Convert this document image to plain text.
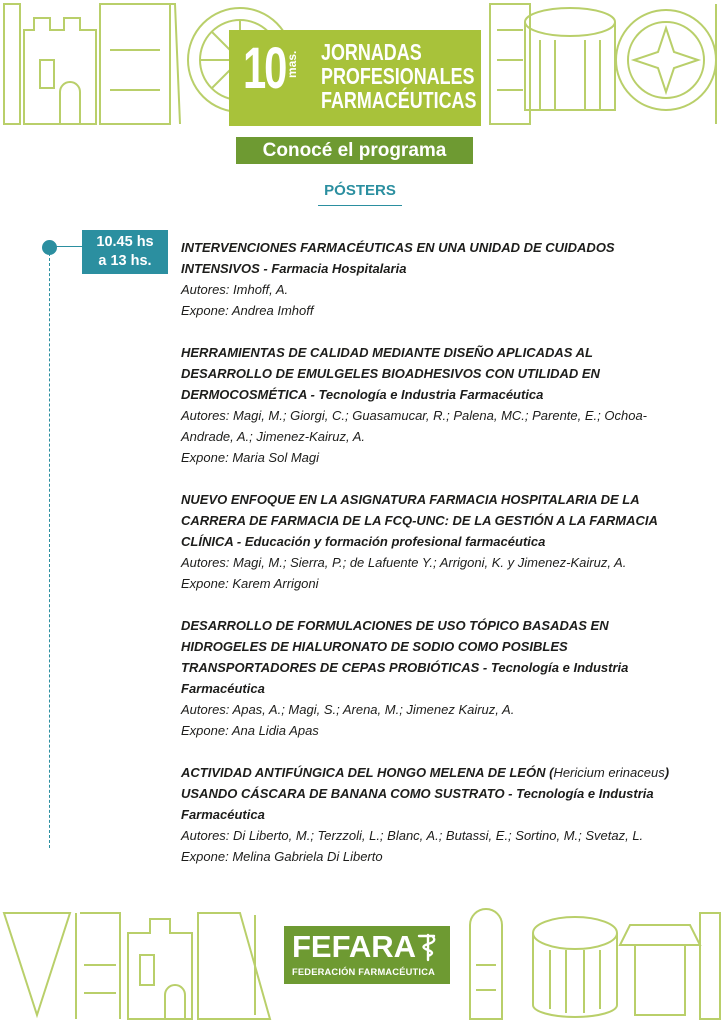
10 mas. JORNADAS
PROFESIONALES
FARMACÉUTICAS
Conocé el programa
PÓSTERS
10.45 hs
a 13 hs.
INTERVENCIONES FARMACÉUTICAS EN UNA UNIDAD DE CUIDADOS INTENSIVOS - Farmacia Hospitalaria
Autores: Imhoff, A.
Expone: Andrea Imhoff
HERRAMIENTAS DE CALIDAD MEDIANTE DISEÑO APLICADAS AL DESARROLLO DE EMULGELES BIOADHESIVOS CON UTILIDAD EN DERMOCOSMÉTICA - Tecnología e Industria Farmacéutica
Autores: Magi, M.; Giorgi, C.; Guasamucar, R.; Palena, MC.; Parente, E.; Ochoa-Andrade, A.; Jimenez-Kairuz, A.
Expone: Maria Sol Magi
NUEVO ENFOQUE EN LA ASIGNATURA FARMACIA HOSPITALARIA DE LA CARRERA DE FARMACIA DE LA FCQ-UNC: DE LA GESTIÓN A LA FARMACIA CLÍNICA - Educación y formación profesional farmacéutica
Autores: Magi, M.; Sierra, P.; de Lafuente Y.; Arrigoni, K. y Jimenez-Kairuz, A.
Expone: Karem Arrigoni
DESARROLLO DE FORMULACIONES DE USO TÓPICO BASADAS EN HIDROGELES DE HIALURONATO DE SODIO COMO POSIBLES TRANSPORTADORES DE CEPAS PROBIÓTICAS - Tecnología e Industria Farmacéutica
Autores: Apas, A.; Magi, S.; Arena, M.; Jimenez Kairuz, A.
Expone: Ana Lidia Apas
ACTIVIDAD ANTIFÚNGICA DEL HONGO MELENA DE LEÓN (Hericium erinaceus) USANDO CÁSCARA DE BANANA COMO SUSTRATO - Tecnología e Industria Farmacéutica
Autores: Di Liberto, M.; Terzzoli, L.; Blanc, A.; Butassi, E.; Sortino, M.; Svetaz, L.
Expone: Melina Gabriela Di Liberto
FEFARA
FEDERACIÓN FARMACÉUTICA
